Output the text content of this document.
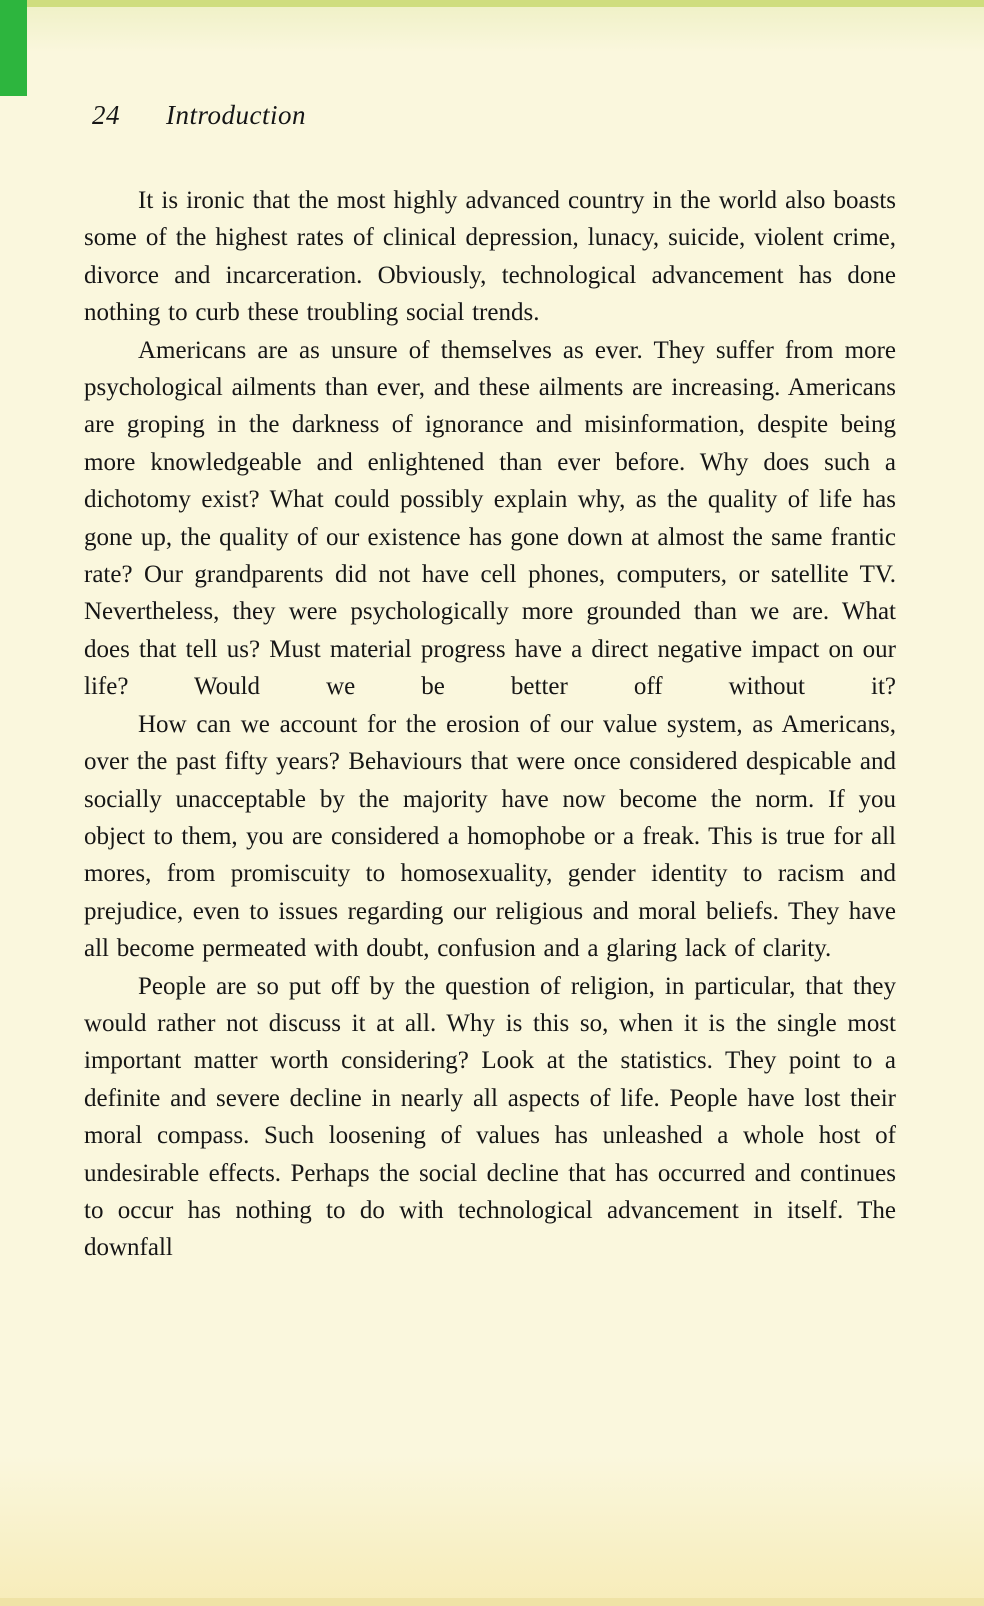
24 Introduction

It is ironic that the most highly advanced country in the world also boasts some of the highest rates of clinical depression, lunacy, suicide, violent crime, divorce and incarceration. Obviously, technological advancement has done nothing to curb these troubling social trends.

Americans are as unsure of themselves as ever. They suffer from more psychological ailments than ever, and these ailments are increasing. Americans are groping in the darkness of ignorance and misinformation, despite being more knowledgeable and enlightened than ever before. Why does such a dichotomy exist? What could possibly explain why, as the quality of life has gone up, the quality of our existence has gone down at almost the same frantic rate? Our grandparents did not have cell phones, computers, or satellite TV. Nevertheless, they were psychologically more grounded than we are. What does that tell us? Must material progress have a direct negative impact on our life? Would we be better off without it?

How can we account for the erosion of our value system, as Americans, over the past fifty years? Behaviours that were once considered despicable and socially unacceptable by the majority have now become the norm. If you object to them, you are considered a homophobe or a freak. This is true for all mores, from promiscuity to homosexuality, gender identity to racism and prejudice, even to issues regarding our religious and moral beliefs. They have all become permeated with doubt, confusion and a glaring lack of clarity.

People are so put off by the question of religion, in particular, that they would rather not discuss it at all. Why is this so, when it is the single most important matter worth considering? Look at the statistics. They point to a definite and severe decline in nearly all aspects of life. People have lost their moral compass. Such loosening of values has unleashed a whole host of undesirable effects. Perhaps the social decline that has occurred and continues to occur has nothing to do with technological advancement in itself. The downfall
